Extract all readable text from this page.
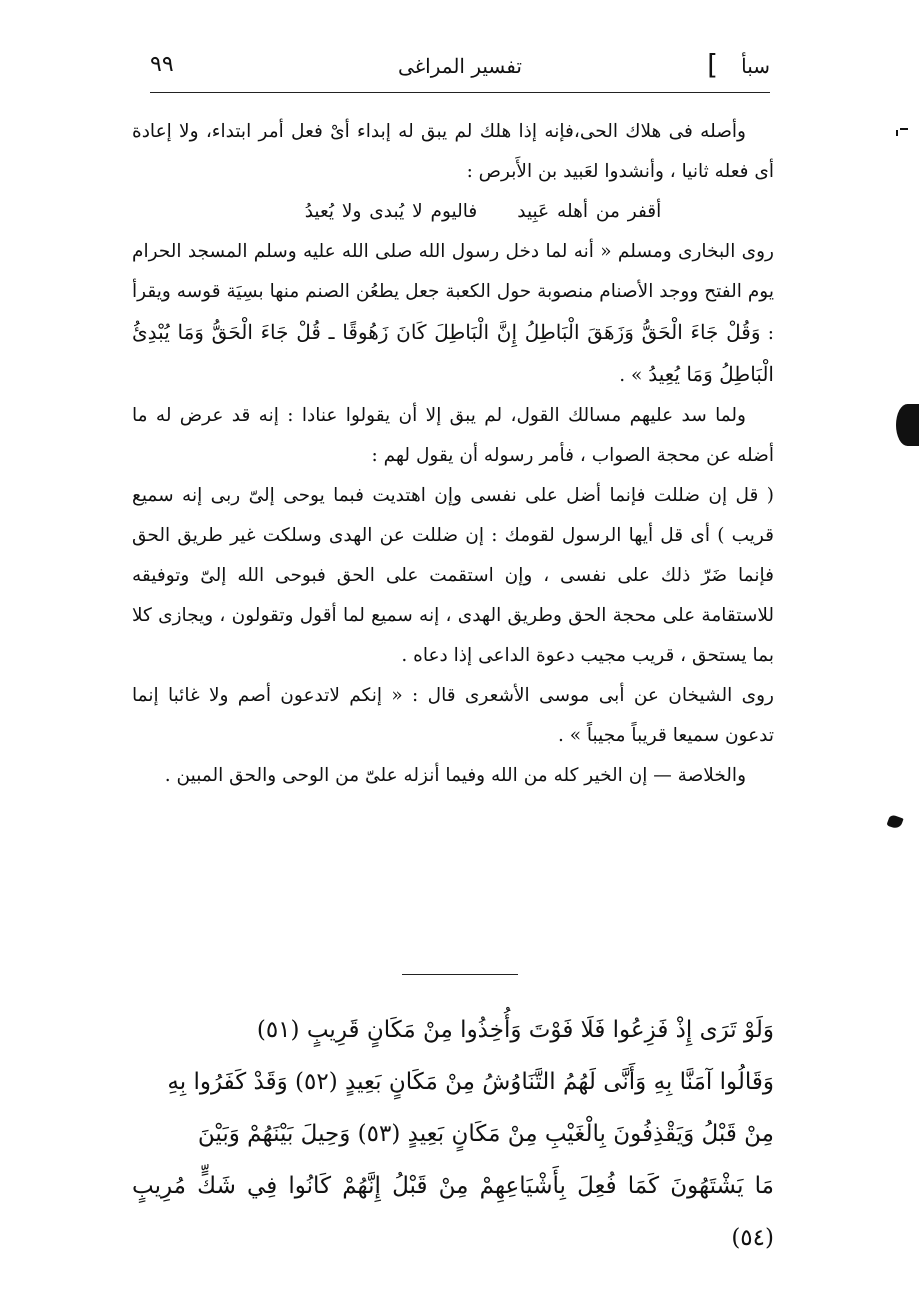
سبأ
]
تفسير المراغى
٩٩

وأصله فى هلاك الحى،فإنه إذا هلك لم يبق له إبداء أىْ فعل أمر ابتداء، ولا إعادة أى فعله ثانيا ، وأنشدوا لعَبيد بن الأَبرص :

أقفر من أهله عَبِيدفاليوم لا يُبدى ولا يُعيدُ

روى البخارى ومسلم « أنه لما دخل رسول الله صلى الله عليه وسلم المسجد الحرام يوم الفتح ووجد الأصنام منصوبة حول الكعبة جعل يطعُن الصنم منها بسِيَة قوسه ويقرأ : وَقُلْ جَاءَ الْحَقُّ وَزَهَقَ الْبَاطِلُ إِنَّ الْبَاطِلَ كَانَ زَهُوقًا ـ قُلْ جَاءَ الْحَقُّ وَمَا يُبْدِئُ الْبَاطِلُ وَمَا يُعِيدُ » .

ولما سد عليهم مسالك القول، لم يبق إلا أن يقولوا عنادا : إنه قد عرض له ما أضله عن محجة الصواب ، فأمر رسوله أن يقول لهم :

( قل إن ضللت فإنما أضل على نفسى وإن اهتديت فبما يوحى إلىّ ربى إنه سميع قريب ) أى قل أيها الرسول لقومك : إن ضللت عن الهدى وسلكت غير طريق الحق فإنما ضَرّ ذلك على نفسى ، وإن استقمت على الحق فبوحى الله إلىّ وتوفيقه للاستقامة على محجة الحق وطريق الهدى ، إنه سميع لما أقول وتقولون ، ويجازى كلا بما يستحق ، قريب مجيب دعوة الداعى إذا دعاه .

روى الشيخان عن أبى موسى الأشعرى قال : « إنكم لاتدعون أصم ولا غائبا إنما تدعون سميعا قريباً مجيباً » .

والخلاصة — إن الخير كله من الله وفيما أنزله علىّ من الوحى والحق المبين .

وَلَوْ تَرَى إِذْ فَزِعُوا فَلَا فَوْتَ وَأُخِذُوا مِنْ مَكَانٍ قَرِيبٍ (٥١)

وَقَالُوا آمَنَّا بِهِ وَأَنَّى لَهُمُ التَّنَاوُشُ مِنْ مَكَانٍ بَعِيدٍ (٥٢) وَقَدْ كَفَرُوا بِهِ

مِنْ قَبْلُ وَيَقْذِفُونَ بِالْغَيْبِ مِنْ مَكَانٍ بَعِيدٍ (٥٣) وَحِيلَ بَيْنَهُمْ وَبَيْنَ

مَا يَشْتَهُونَ كَمَا فُعِلَ بِأَشْيَاعِهِمْ مِنْ قَبْلُ إِنَّهُمْ كَانُوا فِي شَكٍّ مُرِيبٍ (٥٤)
